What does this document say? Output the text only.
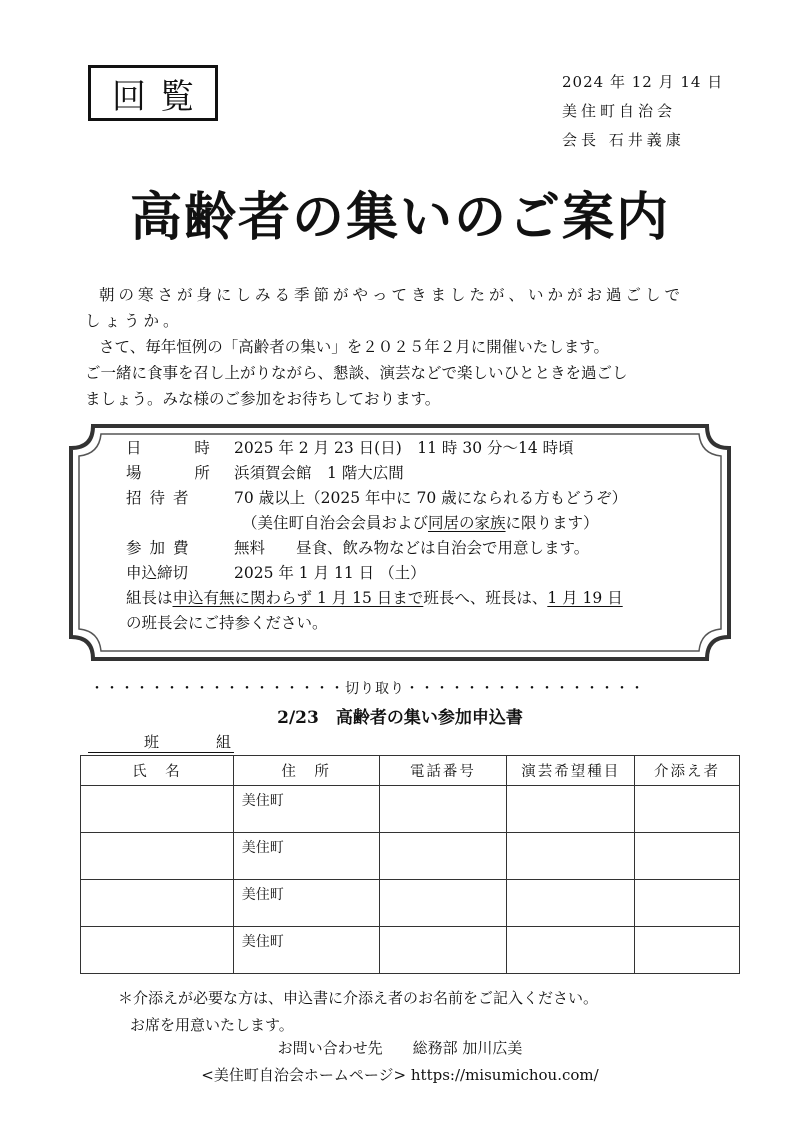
回覧	2024 年 12 月 14 日
美住町自治会
会長 石井義康
高齢者の集いのご案内

朝の寒さが身にしみる季節がやってきましたが、いかがお過ごしで

しょうか。

さて、毎年恒例の「高齢者の集い」を２０２５年２月に開催いたします。

ご一緒に食事を召し上がりながら、懇談、演芸などで楽しいひとときを過ごし

ましょう。みな様のご参加をお待ちしております。

日 時 2025 年 2 月 23 日(日)　11 時 30 分～14 時頃
場 所 浜須賀会館　1 階大広間
招待者	70 歳以上（2025 年中に 70 歳になられる方もどうぞ）
（美住町自治会会員および 同居の家族 に限ります）
参加費	無料　　昼食、飲み物などは自治会で用意します。
申込締切	2025 年 1 月 11 日 （土）
組長は 申込有無に関わらず 1 月 15 日まで 班長へ、班長は、 1 月 19 日
の班長会にご持参ください。
・・・・・・・・・・・・・・・・・切り取り・・・・・・・・・・・・・・・・
2/23　高齢者の集い参加申込書
班	組
氏　名	住　所	電話番号	演芸希望種目	介添え者
	美住町			
	美住町			
	美住町			
	美住町			
＊介添えが必要な方は、申込書に介添え者のお名前をご記入ください。
お席を用意いたします。
お問い合わせ先　　総務部 加川広美
<美住町自治会ホームページ> https://misumichou.com/
